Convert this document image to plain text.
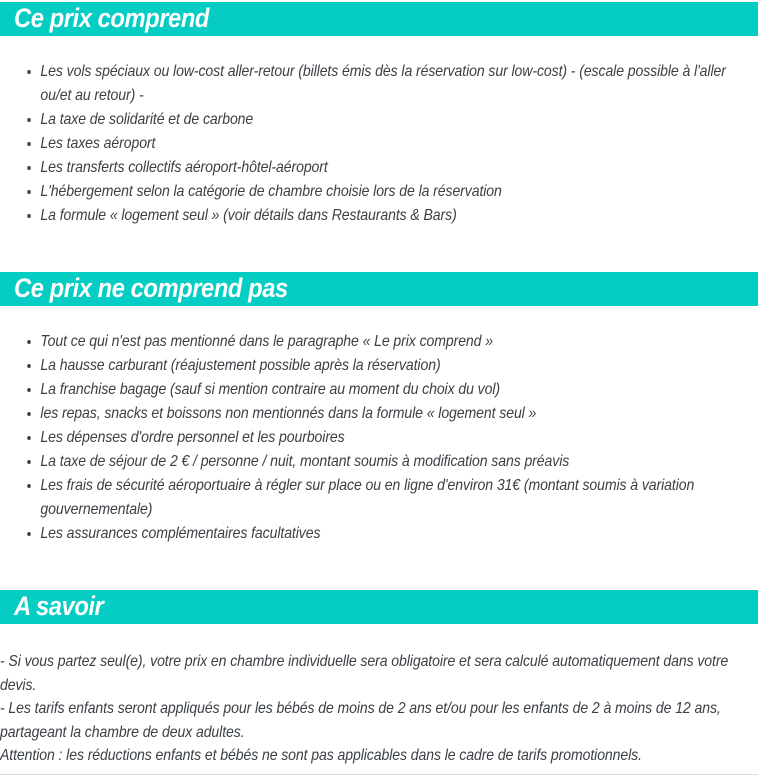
Ce prix comprend
• Les vols spéciaux ou low-cost aller-retour (billets émis dès la réservation sur low-cost) - (escale possible à l'aller ou/et au retour) -
• La taxe de solidarité et de carbone
• Les taxes aéroport
• Les transferts collectifs aéroport-hôtel-aéroport
• L'hébergement selon la catégorie de chambre choisie lors de la réservation
• La formule « logement seul » (voir détails dans Restaurants & Bars)
Ce prix ne comprend pas
• Tout ce qui n'est pas mentionné dans le paragraphe « Le prix comprend »
• La hausse carburant (réajustement possible après la réservation)
• La franchise bagage (sauf si mention contraire au moment du choix du vol)
• les repas, snacks et boissons non mentionnés dans la formule « logement seul »
• Les dépenses d'ordre personnel et les pourboires
• La taxe de séjour de 2 € / personne / nuit, montant soumis à modification sans préavis
• Les frais de sécurité aéroportuaire à régler sur place ou en ligne d'environ 31€ (montant soumis à variation gouvernementale)
• Les assurances complémentaires facultatives
A savoir

- Si vous partez seul(e), votre prix en chambre individuelle sera obligatoire et sera calculé automatiquement dans votre devis.

- Les tarifs enfants seront appliqués pour les bébés de moins de 2 ans et/ou pour les enfants de 2 à moins de 12 ans, partageant la chambre de deux adultes.

Attention : les réductions enfants et bébés ne sont pas applicables dans le cadre de tarifs promotionnels.
